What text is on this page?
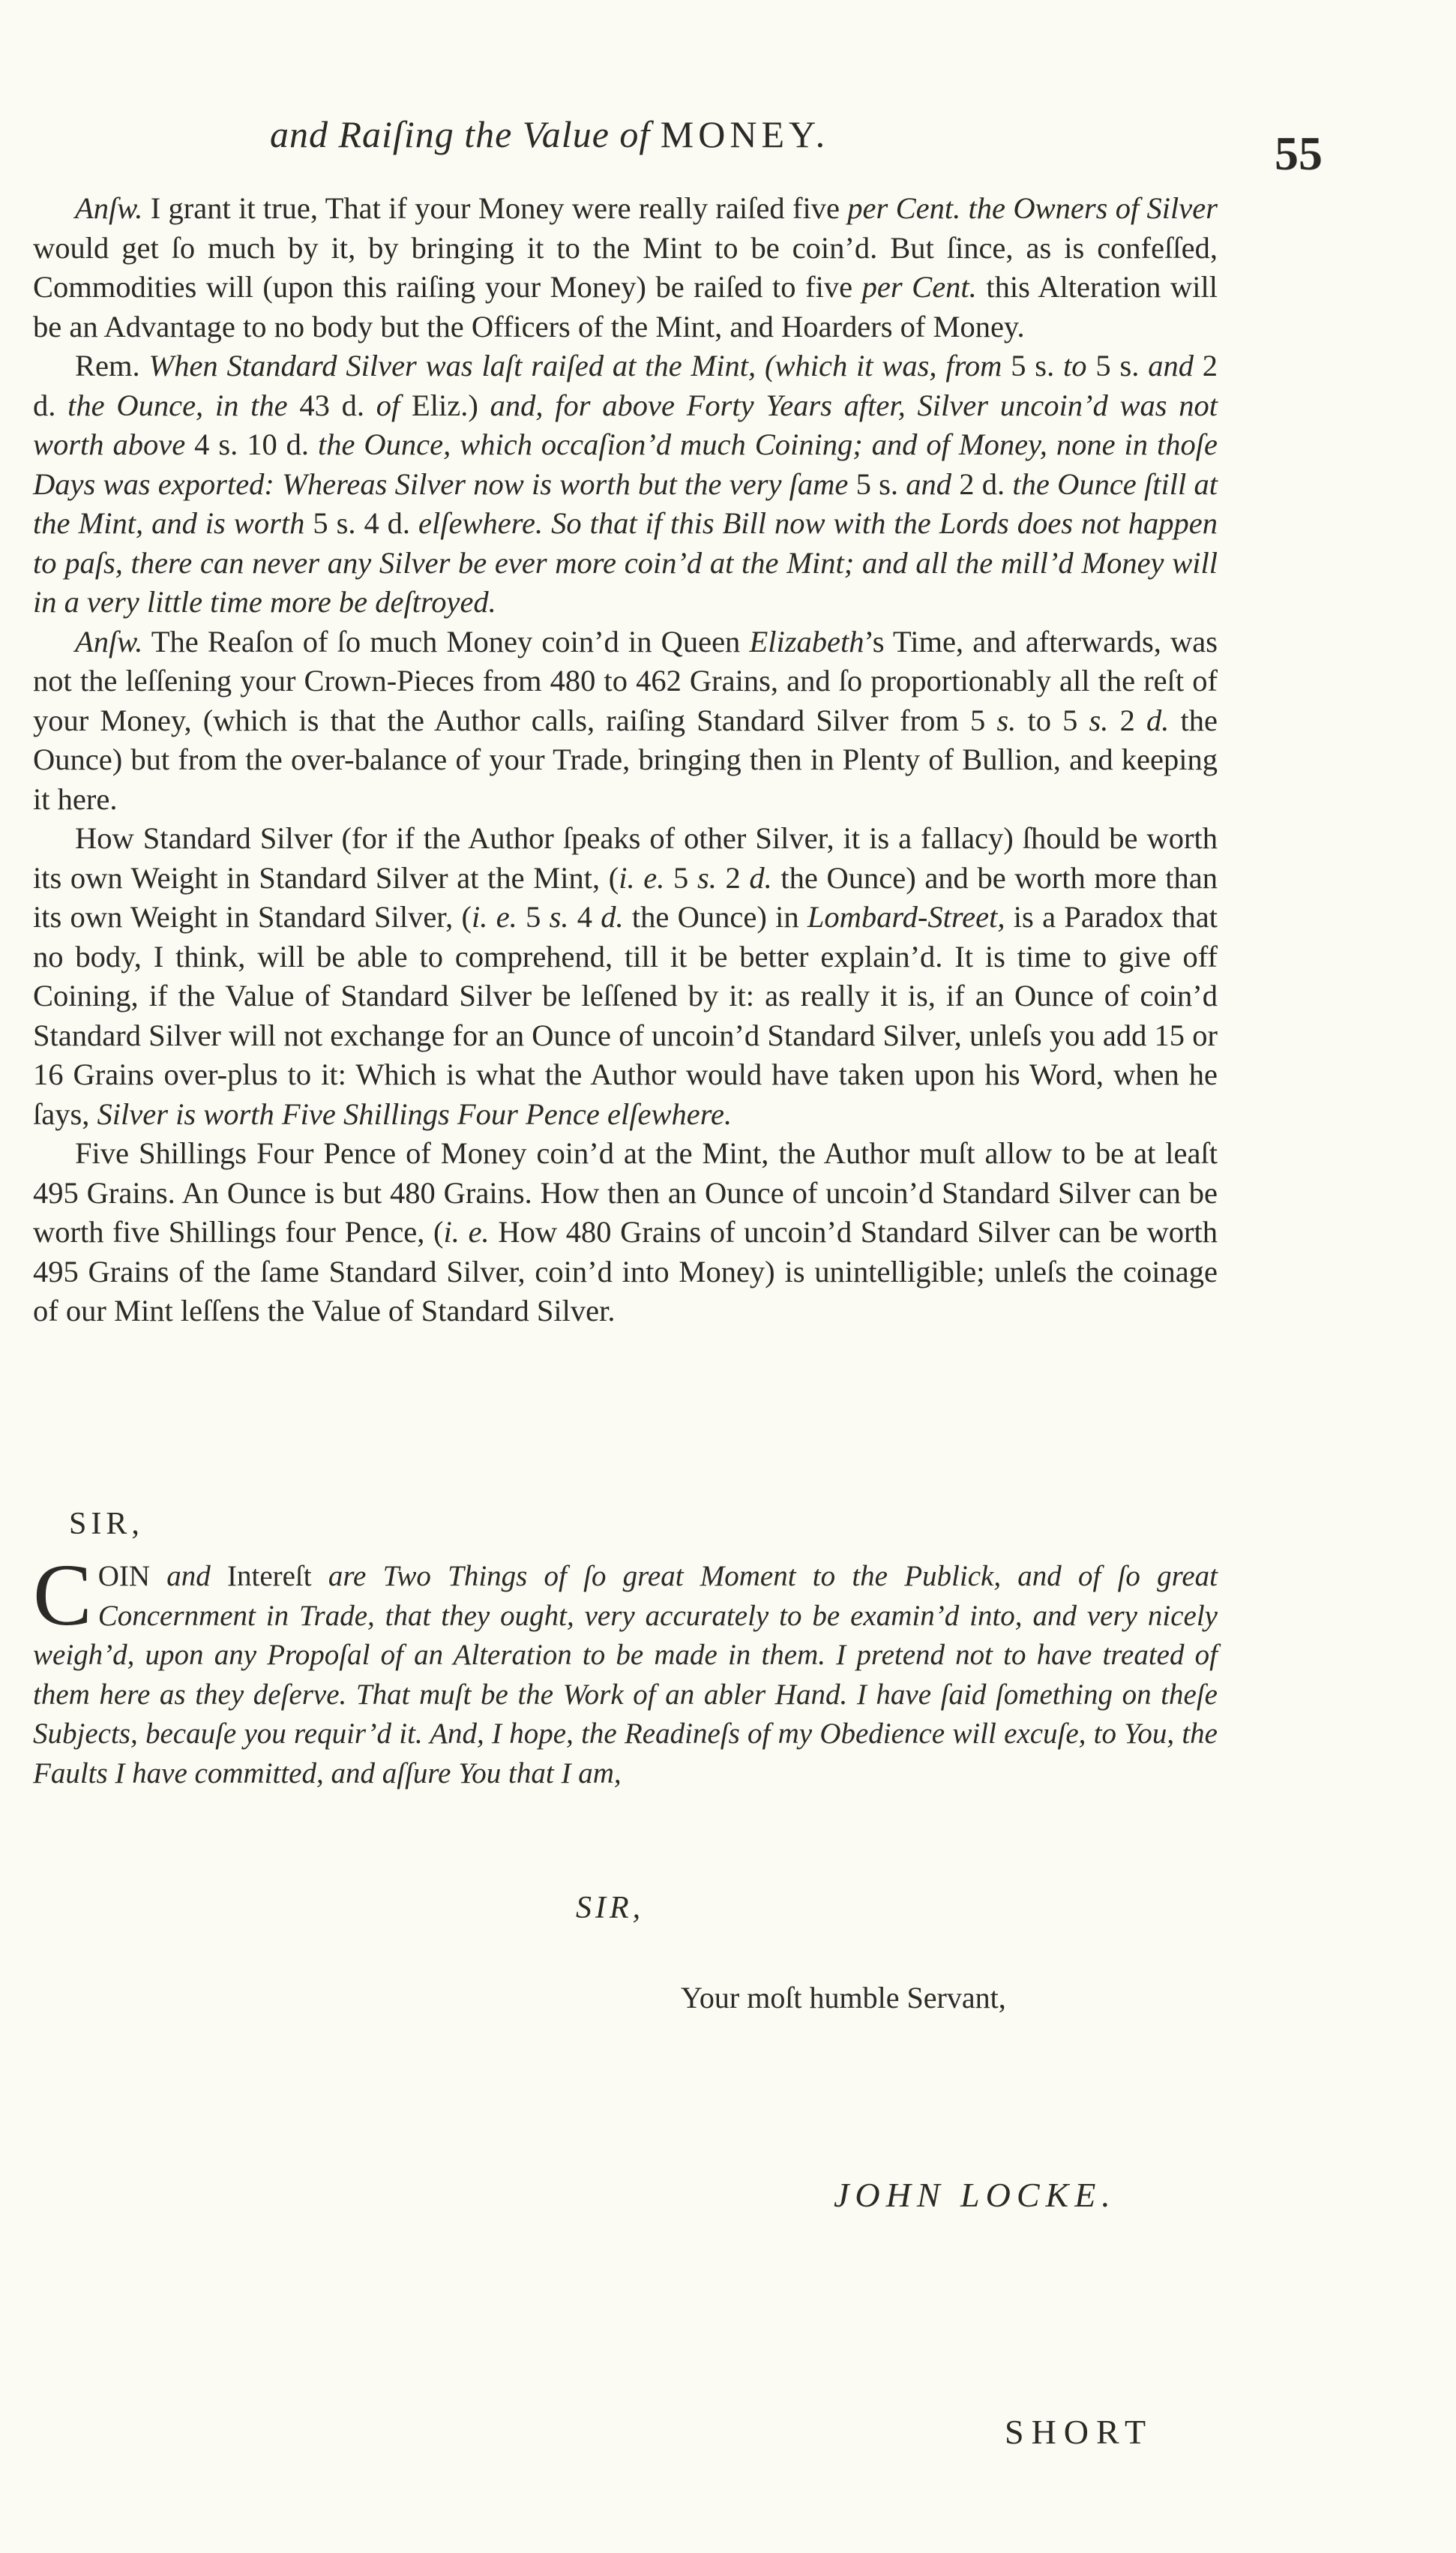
and Raiſing the Value of MONEY.	55

Anſw. I grant it true, That if your Money were really raiſed five per Cent. the Owners of Silver would get ſo much by it, by bringing it to the Mint to be coin’d. But ſince, as is confeſſed, Commodities will (upon this raiſing your Money) be raiſed to five per Cent. this Alteration will be an Advantage to no body but the Officers of the Mint, and Hoarders of Money.

Rem. When Standard Silver was laſt raiſed at the Mint, (which it was, from 5 s. to 5 s. and 2 d. the Ounce, in the 43 d. of Eliz.) and, for above Forty Years after, Silver uncoin’d was not worth above 4 s. 10 d. the Ounce, which occaſion’d much Coining; and of Money, none in thoſe Days was exported: Whereas Silver now is worth but the very ſame 5 s. and 2 d. the Ounce ſtill at the Mint, and is worth 5 s. 4 d. elſewhere. So that if this Bill now with the Lords does not happen to paſs, there can never any Silver be ever more coin’d at the Mint; and all the mill’d Money will in a very little time more be deſtroyed.

Anſw. The Reaſon of ſo much Money coin’d in Queen Elizabeth’s Time, and afterwards, was not the leſſening your Crown-Pieces from 480 to 462 Grains, and ſo proportionably all the reſt of your Money, (which is that the Author calls, raiſing Standard Silver from 5 s. to 5 s. 2 d. the Ounce) but from the over-balance of your Trade, bringing then in Plenty of Bullion, and keeping it here.

How Standard Silver (for if the Author ſpeaks of other Silver, it is a fallacy) ſhould be worth its own Weight in Standard Silver at the Mint, (i. e. 5 s. 2 d. the Ounce) and be worth more than its own Weight in Standard Silver, (i. e. 5 s. 4 d. the Ounce) in Lombard-Street, is a Paradox that no body, I think, will be able to comprehend, till it be better explain’d. It is time to give off Coining, if the Value of Standard Silver be leſſened by it: as really it is, if an Ounce of coin’d Standard Silver will not exchange for an Ounce of uncoin’d Standard Silver, unleſs you add 15 or 16 Grains over-plus to it: Which is what the Author would have taken upon his Word, when he ſays, Silver is worth Five Shillings Four Pence elſewhere.

Five Shillings Four Pence of Money coin’d at the Mint, the Author muſt allow to be at leaſt 495 Grains. An Ounce is but 480 Grains. How then an Ounce of uncoin’d Standard Silver can be worth five Shillings four Pence, (i. e. How 480 Grains of uncoin’d Standard Silver can be worth 495 Grains of the ſame Standard Silver, coin’d into Money) is unintelligible; unleſs the coinage of our Mint leſſens the Value of Standard Silver.

SIR,

COIN and Intereſt are Two Things of ſo great Moment to the Publick, and of ſo great Concernment in Trade, that they ought, very accurately to be examin’d into, and very nicely weigh’d, upon any Propoſal of an Alteration to be made in them. I pretend not to have treated of them here as they deſerve. That muſt be the Work of an abler Hand. I have ſaid ſomething on theſe Subjects, becauſe you requir’d it. And, I hope, the Readineſs of my Obedience will excuſe, to You, the Faults I have committed, and aſſure You that I am,

SIR,
Your moſt humble Servant,
JOHN LOCKE.
SHORT
